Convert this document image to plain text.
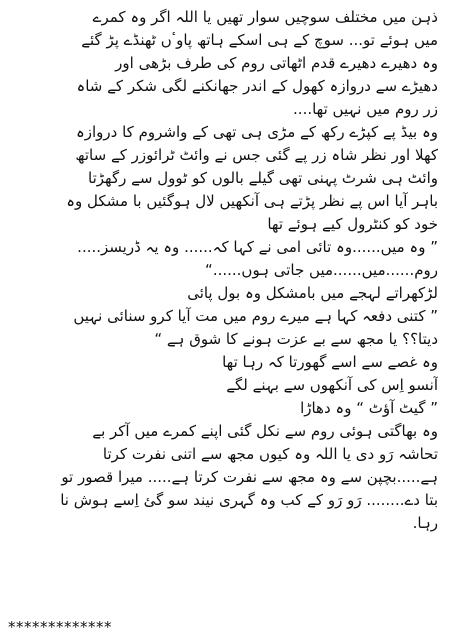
ذہن میں مختلف سوچیں سوار تھیں یا اللہ اگر وہ کمرے
میں ہوئے تو... سوچ کے ہی اسکے ہاتھ پاوٴں ٹھنڈے پڑ گئے
وہ دھیرے دھیرے قدم اٹھاتی روم کی طرف بڑھی اور
دھیڑے سے دروازہ کھول کے اندر جھانکنے لگی شکر کے شاہ
زر روم میں نہیں تھا....
وہ بیڈ پے کپڑے رکھ کے مڑی ہی تھی کے واشروم کا دروازہ
کھلا اور نظر شاہ زر پے گئی جس نے وائٹ ٹرائوزر کے ساتھ
وائٹ ہی شرٹ پہنی تھی گیلے بالوں کو ٹوول سے رگھڑتا
باہر آیا اس پے نظر پڑتے ہی آنکھیں لال ہوگئیں با مشکل وہ
خود کو کنٹرول کیے ہوئے تھا
” وہ میں......وہ تائی امی نے کہا کہ...... وہ یہ ڈریسز.....
روم......میں......میں جاتی ہوں......“
لڑکھراتے لہجے میں بامشکل وہ بول پائی
” کتنی دفعہ کہا ہے میرے روم میں مت آیا کرو سنائی نہیں
دیتا؟؟ یا مجھ سے بے عزت ہونے کا شوق ہے “
وہ غصے سے اسے گھورتا کہ رہا تھا
آنسو اِس کی آنکھوں سے بہنے لگے
” گیٹ آؤٹ “ وہ دھاڑا
وہ بھاگتی ہوئی روم سے نکل گئی اپنے کمرے میں آکر بے
تحاشہ رَو دی یا اللہ وہ کیوں مجھ سے اتنی نفرت کرتا
ہے.....بچپن سے وہ مجھ سے نفرت کرتا ہے..... میرا قصور تو
بتا دے........ رَو رَو کے کب وہ گہری نیند سو گئ اِسے ہوش نا
رہا.
*************
